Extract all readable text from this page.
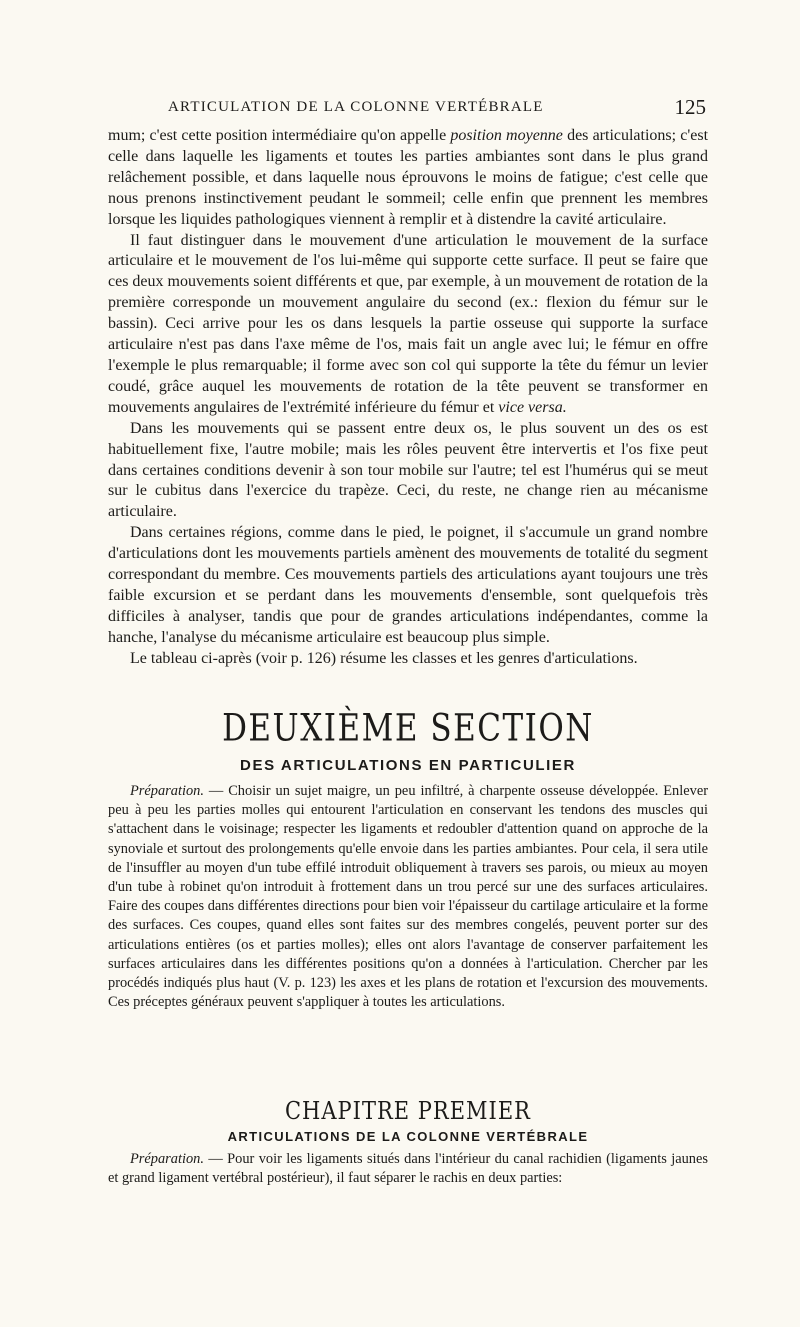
ARTICULATION DE LA COLONNE VERTÉBRALE	125

mum; c'est cette position intermédiaire qu'on appelle position moyenne des articulations; c'est celle dans laquelle les ligaments et toutes les parties ambiantes sont dans le plus grand relâchement possible, et dans laquelle nous éprouvons le moins de fatigue; c'est celle que nous prenons instinctivement peudant le sommeil; celle enfin que prennent les membres lorsque les liquides pathologiques viennent à remplir et à distendre la cavité articulaire.

Il faut distinguer dans le mouvement d'une articulation le mouvement de la surface articulaire et le mouvement de l'os lui-même qui supporte cette surface. Il peut se faire que ces deux mouvements soient différents et que, par exemple, à un mouvement de rotation de la première corresponde un mouvement angulaire du second (ex.: flexion du fémur sur le bassin). Ceci arrive pour les os dans lesquels la partie osseuse qui supporte la surface articulaire n'est pas dans l'axe même de l'os, mais fait un angle avec lui; le fémur en offre l'exemple le plus remarquable; il forme avec son col qui supporte la tête du fémur un levier coudé, grâce auquel les mouvements de rotation de la tête peuvent se transformer en mouvements angulaires de l'extrémité inférieure du fémur et vice versa.

Dans les mouvements qui se passent entre deux os, le plus souvent un des os est habituellement fixe, l'autre mobile; mais les rôles peuvent être intervertis et l'os fixe peut dans certaines conditions devenir à son tour mobile sur l'autre; tel est l'humérus qui se meut sur le cubitus dans l'exercice du trapèze. Ceci, du reste, ne change rien au mécanisme articulaire.

Dans certaines régions, comme dans le pied, le poignet, il s'accumule un grand nombre d'articulations dont les mouvements partiels amènent des mouvements de totalité du segment correspondant du membre. Ces mouvements partiels des articulations ayant toujours une très faible excursion et se perdant dans les mouvements d'ensemble, sont quelquefois très difficiles à analyser, tandis que pour de grandes articulations indépendantes, comme la hanche, l'analyse du mécanisme articulaire est beaucoup plus simple.

Le tableau ci-après (voir p. 126) résume les classes et les genres d'articulations.

DEUXIÈME SECTION
DES ARTICULATIONS EN PARTICULIER

Préparation. — Choisir un sujet maigre, un peu infiltré, à charpente osseuse développée. Enlever peu à peu les parties molles qui entourent l'articulation en conservant les tendons des muscles qui s'attachent dans le voisinage; respecter les ligaments et redoubler d'attention quand on approche de la synoviale et surtout des prolongements qu'elle envoie dans les parties ambiantes. Pour cela, il sera utile de l'insuffler au moyen d'un tube effilé introduit obliquement à travers ses parois, ou mieux au moyen d'un tube à robinet qu'on introduit à frottement dans un trou percé sur une des surfaces articulaires. Faire des coupes dans différentes directions pour bien voir l'épaisseur du cartilage articulaire et la forme des surfaces. Ces coupes, quand elles sont faites sur des membres congelés, peuvent porter sur des articulations entières (os et parties molles); elles ont alors l'avantage de conserver parfaitement les surfaces articulaires dans les différentes positions qu'on a données à l'articulation. Chercher par les procédés indiqués plus haut (V. p. 123) les axes et les plans de rotation et l'excursion des mouvements. Ces préceptes généraux peuvent s'appliquer à toutes les articulations.

CHAPITRE PREMIER
ARTICULATIONS DE LA COLONNE VERTÉBRALE

Préparation. — Pour voir les ligaments situés dans l'intérieur du canal rachidien (ligaments jaunes et grand ligament vertébral postérieur), il faut séparer le rachis en deux parties:
